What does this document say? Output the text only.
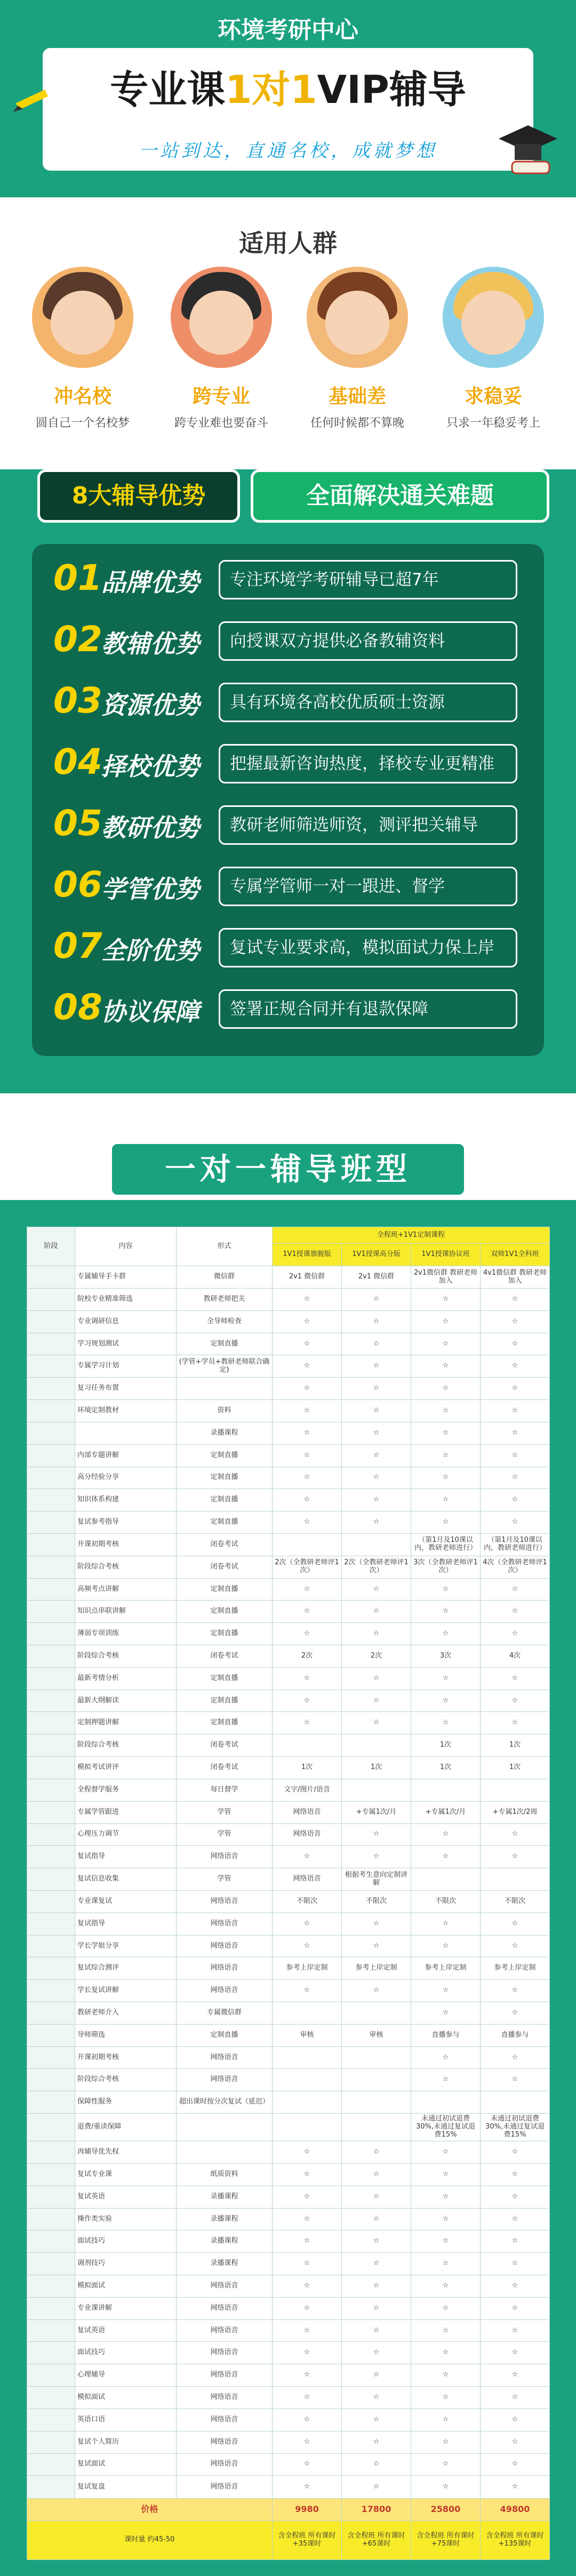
环境考研中心
专业课1对1VIP辅导
一站到达，直通名校，成就梦想
适用人群
冲名校
圆自己一个名校梦
跨专业
跨专业难也要奋斗
基础差
任何时候都不算晚
求稳妥
只求一年稳妥考上
8大辅导优势	全面解决通关难题
01
品牌优势	专注环境学考研辅导已超7年
02
教辅优势	向授课双方提供必备教辅资料
03
资源优势	具有环境各高校优质硕士资源
04
择校优势	把握最新咨询热度，择校专业更精准
05
教研优势	教研老师筛选师资，测评把关辅导
06
学管优势	专属学管师一对一跟进、督学
07
全阶优势	复试专业要求高，模拟面试力保上岸
08
协议保障	签署正规合同并有退款保障
一对一辅导班型
阶段	内容	形式	全程班+1V1定制课程			
			1V1授课旗舰版	1V1授课高分版	1V1授课协议班	双师1V1全科班
	专属辅导手卡群	微信群	2v1 微信群	2v1 微信群	2v1微信群 教研老师加入	4v1微信群 教研老师加入
	院校专业精准筛选	教研老师把关	☆	☆	☆	☆
	专业调研信息	全导师检查	☆	☆	☆	☆
	学习规划测试	定制直播	☆	☆	☆	☆
	专属学习计划	(学管+学员+教研老师联合确定)	☆	☆	☆	☆
	复习任务布置		☆	☆	☆	☆
	环境定制教材	资料	☆	☆	☆	☆
		录播课程	☆	☆	☆	☆
	内部专题讲解	定制直播	☆	☆	☆	☆
	高分经验分享	定制直播	☆	☆	☆	☆
	知识体系构建	定制直播	☆	☆	☆	☆
	复试参考指导	定制直播	☆	☆	☆	☆
	开课初期考核	闭卷考试			（第1月及10课以内，教研老师进行）	（第1月及10课以内，教研老师进行）
	阶段综合考核	闭卷考试	2次（全教研老师评1次）	2次（全教研老师评1次）	3次（全教研老师评1次）	4次（全教研老师评1次）
	高频考点讲解	定制直播	☆	☆	☆	☆
	知识点串联讲解	定制直播	☆	☆	☆	☆
	薄弱专项训练	定制直播	☆	☆	☆	☆
	阶段综合考核	闭卷考试	2次	2次	3次	4次
	最新考情分析	定制直播	☆	☆	☆	☆
	最新大纲解读	定制直播	☆	☆	☆	☆
	定制押题讲解	定制直播	☆	☆	☆	☆
	阶段综合考核	闭卷考试			1次	1次
	模拟考试讲评	闭卷考试	1次	1次	1次	1次
	全程督学服务	每日督学	文字/图片/语音			
	专属学管跟进	学管	网络语音	+专属1次/月	+专属1次/月	+专属1次/2周
	心理压力调节	学管	网络语音	☆	☆	☆
	复试指导	网络语音	☆	☆	☆	☆
	复试信息收集	学管	网络语音	根据考生意向定制讲解		
	专业课复试	网络语音	不限次	不限次	不限次	不限次
	复试指导	网络语音	☆	☆	☆	☆
	学长学姐分享	网络语音	☆	☆	☆	☆
	复试综合测评	网络语音	参考上岸定制	参考上岸定制	参考上岸定制	参考上岸定制
	学长复试讲解	网络语音	☆	☆	☆	☆
	教研老师介入	专属微信群			☆	☆
	导师筛选	定制直播	审核	审核	直播参与	直播参与
	开课初期考核	网络语音			☆	☆
	阶段综合考核	网络语音			☆	☆
	保障性服务	超出课时按分次复试（延迟）				
	退费/重读保障				未通过初试退费30%,未通过复试退费15%	未通过初试退费30%,未通过复试退费15%
	再辅导优先权		☆	☆	☆	☆
	复试专业课	纸质资料	☆	☆	☆	☆
	复试英语	录播课程	☆	☆	☆	☆
	操作类实验	录播课程	☆	☆	☆	☆
	面试技巧	录播课程	☆	☆	☆	☆
	调剂技巧	录播课程	☆	☆	☆	☆
	模拟面试	网络语音	☆	☆	☆	☆
	专业课讲解	网络语音	☆	☆	☆	☆
	复试英语	网络语音	☆	☆	☆	☆
	面试技巧	网络语音	☆	☆	☆	☆
	心理辅导	网络语音	☆	☆	☆	☆
	模拟面试	网络语音	☆	☆	☆	☆
	英语口语	网络语音	☆	☆	☆	☆
	复试个人简历	网络语音	☆	☆	☆	☆
	复试面试	网络语音	☆	☆	☆	☆
	复试复盘	网络语音	☆	☆	☆	☆
价格			9980	17800	25800	49800
课时量 约45-50			含全程班 所有课时 +35课时	含全程班 所有课时 +65课时	含全程班 所有课时 +75课时	含全程班 所有课时 +135课时
